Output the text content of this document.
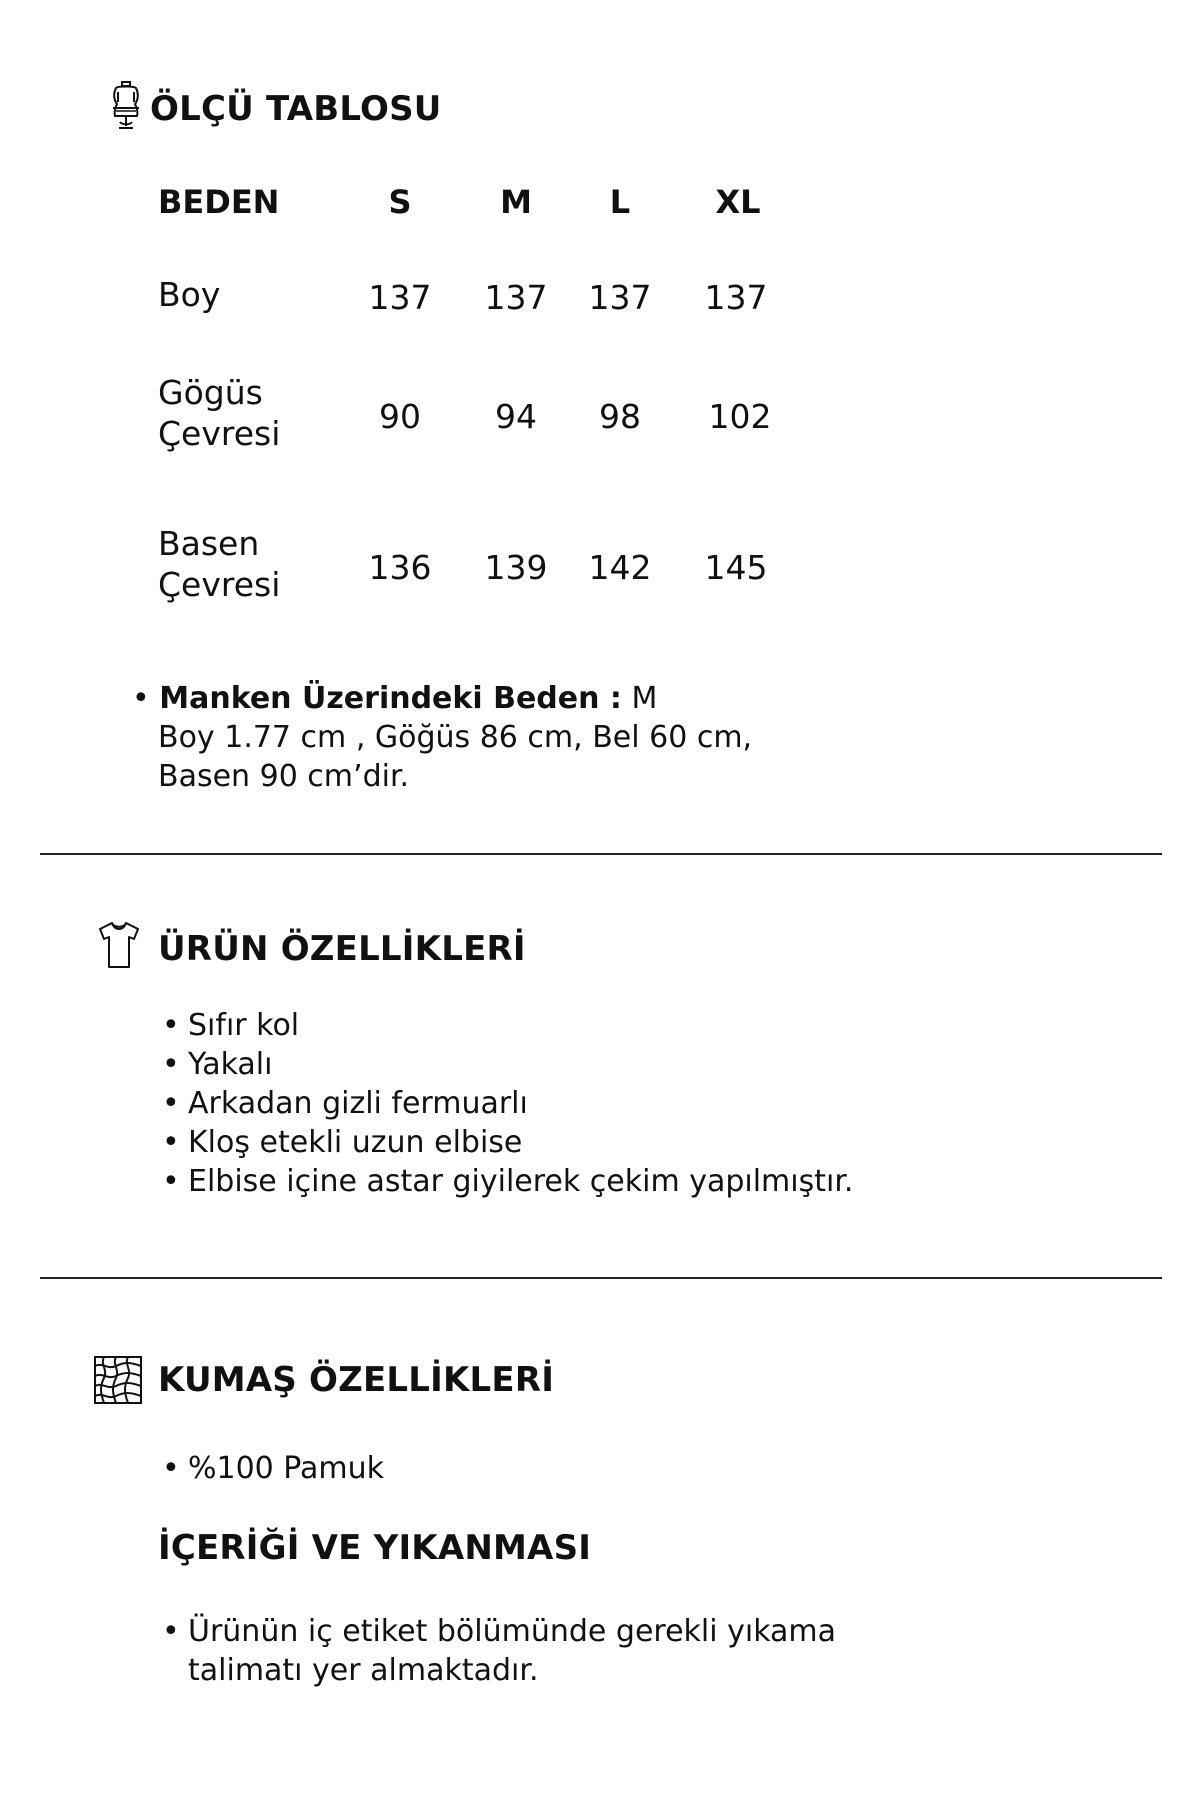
ÖLÇÜ TABLOSU
BEDEN	S	M	L	XL
Boy	137	137	137	137
Gögüs
Çevresi	90	94	98	102
Basen
Çevresi	136	139	142	145
• Manken Üzerindeki Beden : M
Boy 1.77 cm , Göğüs 86 cm, Bel 60 cm,
Basen 90 cm’dir.
ÜRÜN ÖZELLİKLERİ
• Sıfır kol
• Yakalı
• Arkadan gizli fermuarlı
• Kloş etekli uzun elbise
• Elbise içine astar giyilerek çekim yapılmıştır.
KUMAŞ ÖZELLİKLERİ
• %100 Pamuk
İÇERİĞİ VE YIKANMASI
• Ürünün iç etiket bölümünde gerekli yıkama
talimatı yer almaktadır.
